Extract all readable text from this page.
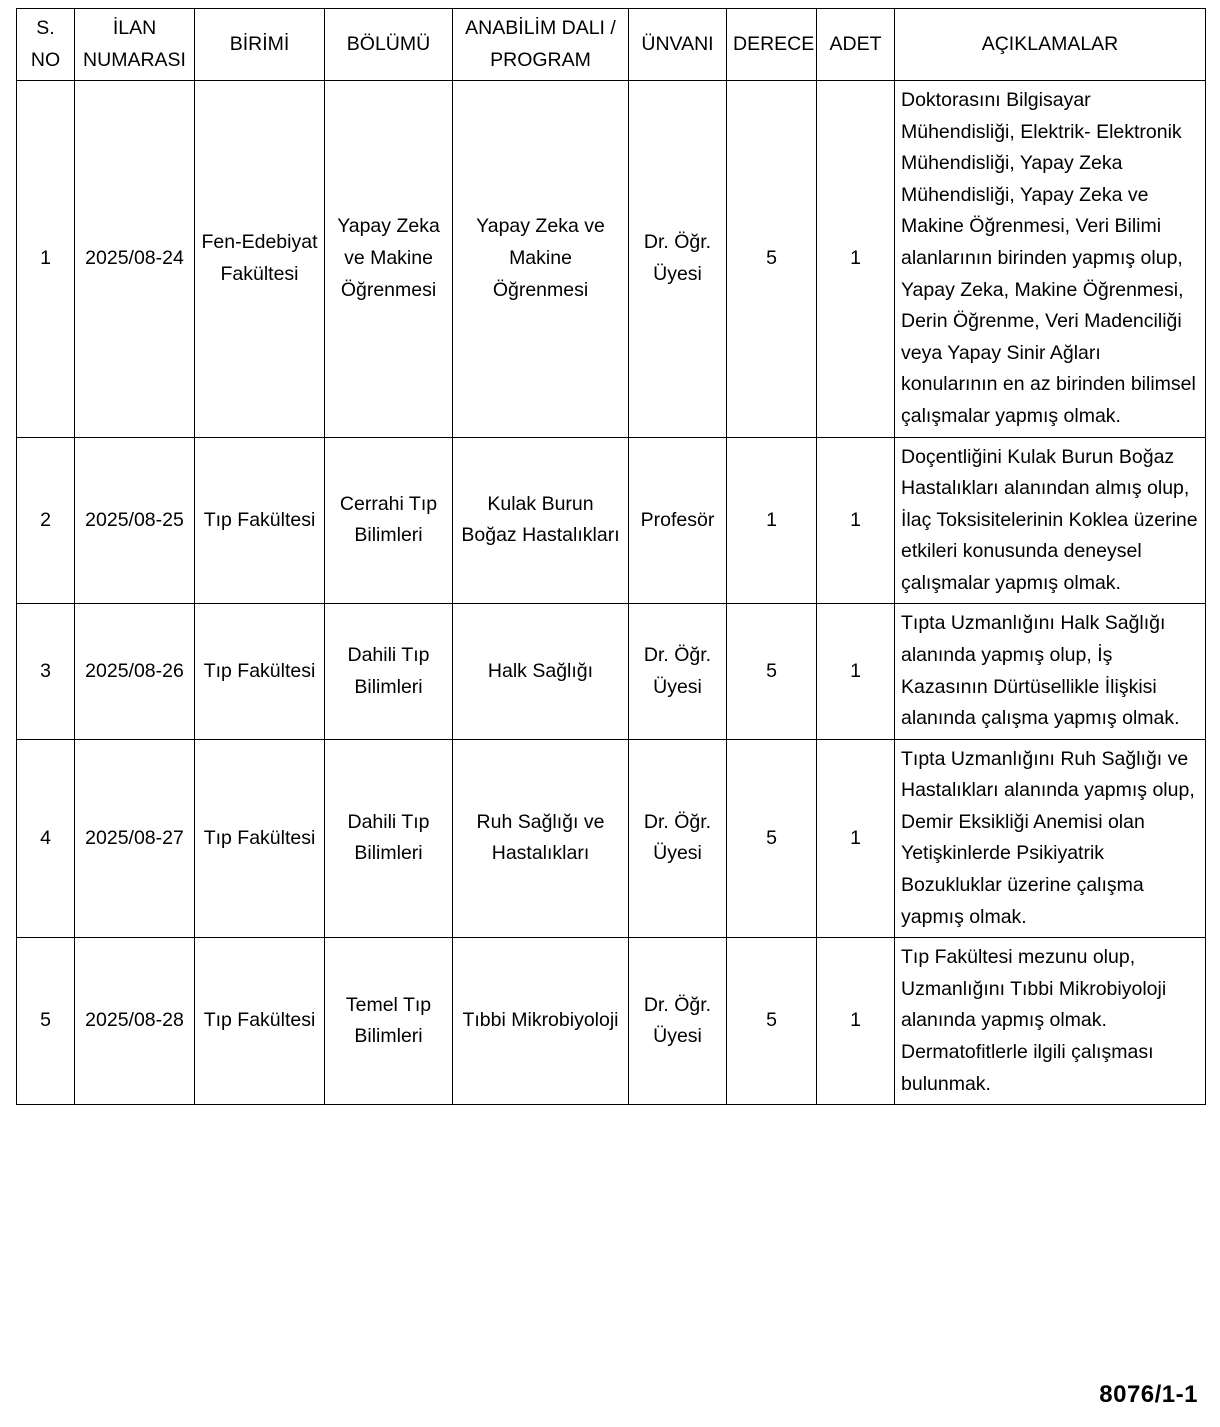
S. NO	İLAN NUMARASI	BİRİMİ	BÖLÜMÜ	ANABİLİM DALI / PROGRAM	ÜNVANI	DERECE	ADET	AÇIKLAMALAR
1	2025/08-24	Fen-Edebiyat Fakültesi	Yapay Zeka ve Makine Öğrenmesi	Yapay Zeka ve Makine Öğrenmesi	Dr. Öğr. Üyesi	5	1	Doktorasını Bilgisayar Mühendisliği, Elektrik- Elektronik Mühendisliği, Yapay Zeka Mühendisliği, Yapay Zeka ve Makine Öğrenmesi, Veri Bilimi alanlarının birinden yapmış olup, Yapay Zeka, Makine Öğrenmesi, Derin Öğrenme, Veri Madenciliği veya Yapay Sinir Ağları konularının en az birinden bilimsel çalışmalar yapmış olmak.
2	2025/08-25	Tıp Fakültesi	Cerrahi Tıp Bilimleri	Kulak Burun Boğaz Hastalıkları	Profesör	1	1	Doçentliğini Kulak Burun Boğaz Hastalıkları alanından almış olup, İlaç Toksisitelerinin Koklea üzerine etkileri konusunda deneysel çalışmalar yapmış olmak.
3	2025/08-26	Tıp Fakültesi	Dahili Tıp Bilimleri	Halk Sağlığı	Dr. Öğr. Üyesi	5	1	Tıpta Uzmanlığını Halk Sağlığı alanında yapmış olup, İş Kazasının Dürtüsellikle İlişkisi alanında çalışma yapmış olmak.
4	2025/08-27	Tıp Fakültesi	Dahili Tıp Bilimleri	Ruh Sağlığı ve Hastalıkları	Dr. Öğr. Üyesi	5	1	Tıpta Uzmanlığını Ruh Sağlığı ve Hastalıkları alanında yapmış olup, Demir Eksikliği Anemisi olan Yetişkinlerde Psikiyatrik Bozukluklar üzerine çalışma yapmış olmak.
5	2025/08-28	Tıp Fakültesi	Temel Tıp Bilimleri	Tıbbi Mikrobiyoloji	Dr. Öğr. Üyesi	5	1	Tıp Fakültesi mezunu olup, Uzmanlığını Tıbbi Mikrobiyoloji alanında yapmış olmak. Dermatofitlerle ilgili çalışması bulunmak.
8076/1-1
